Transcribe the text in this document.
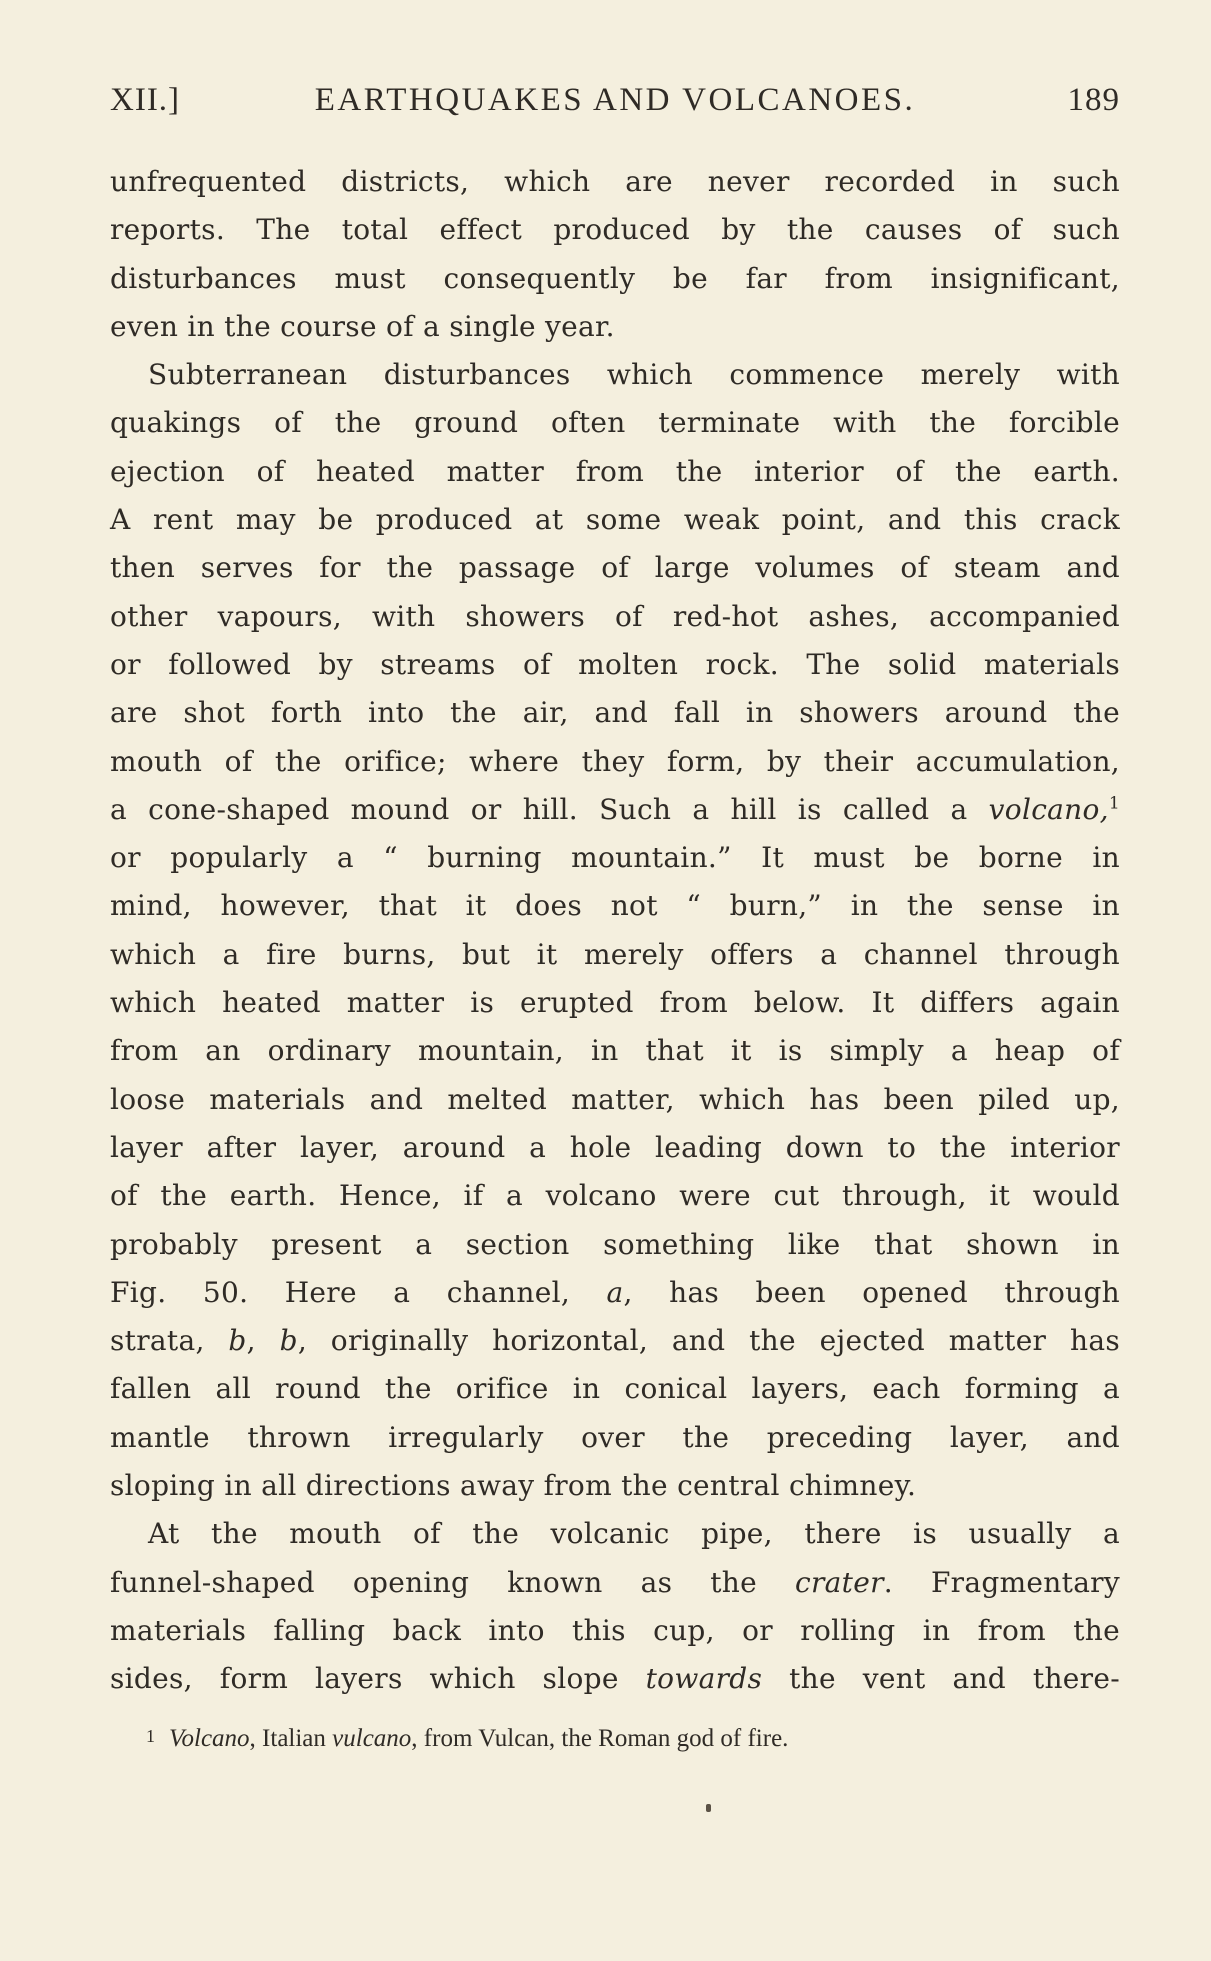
XII.]	EARTHQUAKES AND VOLCANOES.	189
unfrequented districts, which are never recorded in such
reports. The total effect produced by the causes of such
disturbances must consequently be far from insignificant,
even in the course of a single year.
Subterranean disturbances which commence merely with
quakings of the ground often terminate with the forcible
ejection of heated matter from the interior of the earth.
A rent may be produced at some weak point, and this crack
then serves for the passage of large volumes of steam and
other vapours, with showers of red-hot ashes, accompanied
or followed by streams of molten rock. The solid materials
are shot forth into the air, and fall in showers around the
mouth of the orifice; where they form, by their accumulation,
a cone-shaped mound or hill. Such a hill is called a volcano,$^1$
or popularly a “ burning mountain.” It must be borne in
mind, however, that it does not “ burn,” in the sense in
which a fire burns, but it merely offers a channel through
which heated matter is erupted from below. It differs again
from an ordinary mountain, in that it is simply a heap of
loose materials and melted matter, which has been piled up,
layer after layer, around a hole leading down to the interior
of the earth. Hence, if a volcano were cut through, it would
probably present a section something like that shown in
Fig. 50. Here a channel, a, has been opened through
strata, b, b, originally horizontal, and the ejected matter has
fallen all round the orifice in conical layers, each forming a
mantle thrown irregularly over the preceding layer, and
sloping in all directions away from the central chimney.
At the mouth of the volcanic pipe, there is usually a
funnel-shaped opening known as the crater. Fragmentary
materials falling back into this cup, or rolling in from the
sides, form layers which slope towards the vent and there-
1 Volcano, Italian vulcano, from Vulcan, the Roman god of fire.
